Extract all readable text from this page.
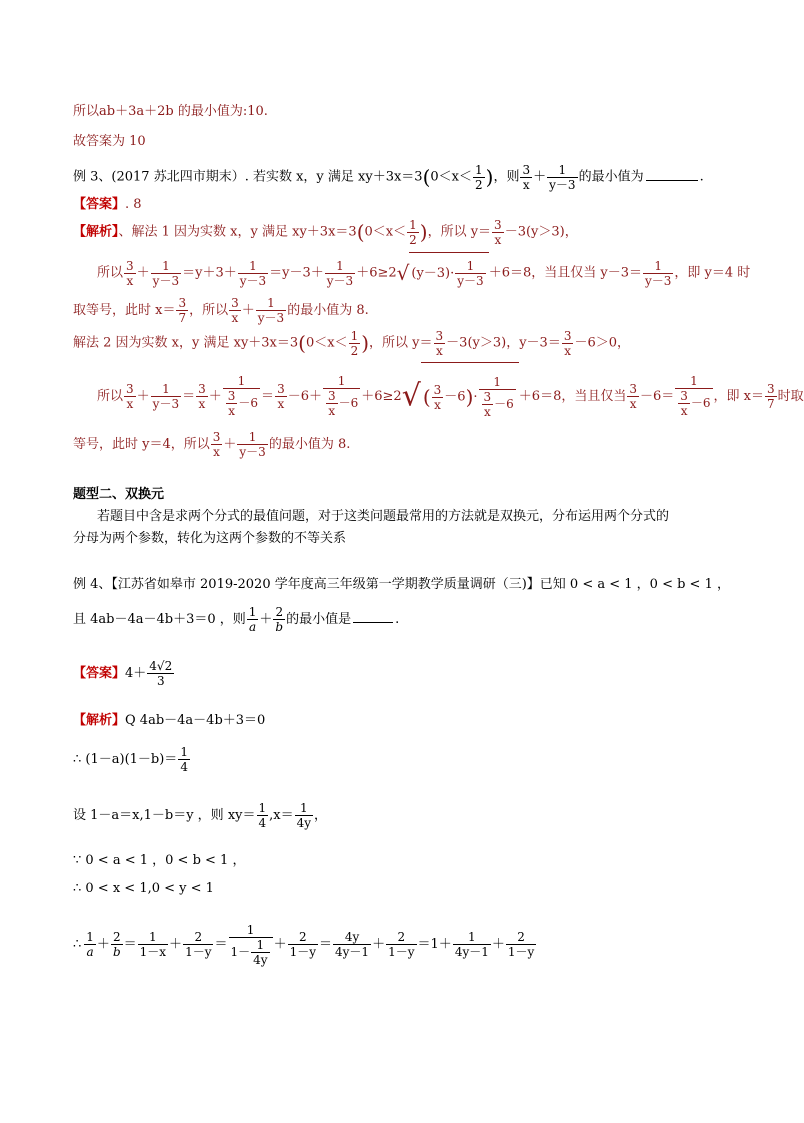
所以ab＋3a＋2b 的最小值为:10.
故答案为 10
例 3、(2017 苏北四市期末）. 若实数 x，y 满足 $xy+3x=3(0<x< \frac{1}{2}$ )，则 $\frac{3}{x} + \frac{1}{y-3}$ 的最小值为	.
【答案】. 8
【解析】、解法 1 因为实数 x，y 满足 $xy+3x=3(0<x< \frac{1}{2}$ )，所以 $y= \frac{3}{x} -3(y>3)$，
所以 $\frac{3}{x} + \frac{1}{y-3} =y+3+ \frac{1}{y-3} =y-3+ \frac{1}{y-3} +6\ge 2√$ $(y-3)\cdot \frac{1}{y-3} +6=8$，当且仅当 $y-3= \frac{1}{y-3}$ ，即 y＝4 时
取等号，此时 $x= \frac{3}{7}$ ，所以 $\frac{3}{x} + \frac{1}{y-3}$ 的最小值为 8.
解法 2 因为实数 x，y 满足 $xy+3x=3(0<x< \frac{1}{2}$ )，所以 $y= \frac{3}{x} -3(y>3)$，$y-3= \frac{3}{x} -6>0$，
所以 $\frac{3}{x} + \frac{1}{y-3} = \frac{3}{x} + \frac{1}{\frac{3}{x} -6} = \frac{3}{x} -6+ \frac{1}{\frac{3}{x} -6} +6\ge 2√$ ( $\frac{3}{x} -6)\cdot \frac{1}{\frac{3}{x} -6} +6=8$，当且仅当 $\frac{3}{x} -6= \frac{1}{\frac{3}{x} -6}$ ，即 $x= \frac{3}{7}$ 时取
等号，此时 y＝4，所以 $\frac{3}{x} + \frac{1}{y-3}$ 的最小值为 8.
题型二、双换元
若题目中含是求两个分式的最值问题，对于这类问题最常用的方法就是双换元，分布运用两个分式的
分母为两个参数，转化为这两个参数的不等关系
例 4、【江苏省如皋市 2019-2020 学年度高三年级第一学期教学质量调研（三)】已知 0 < a < 1 ，0 < b < 1 ，
且 4ab－4a－4b＋3＝0 ，则 $\frac{1}{a} + \frac{2}{b}$ 的最小值是	.
【答案】$4+ \frac{4√2}{3}$
【解析】Q 4ab－4a－4b＋3＝0
∴ $(1-a)(1-b)= \frac{1}{4}$
设 1－a＝x,1－b＝y ，则 $xy= \frac{1}{4} ,x= \frac{1}{4y}$ ，
∵ 0 < a < 1 ，0 < b < 1 ，
∴ 0 < x < 1,0 < y < 1
∴ $\frac{1}{a} + \frac{2}{b} = \frac{1}{1-x} + \frac{2}{1-y} = \frac{1}{1- \frac{1}{4y}} + \frac{2}{1-y} = \frac{4y}{4y-1} + \frac{2}{1-y} =1+ \frac{1}{4y-1} + \frac{2}{1-y}$
